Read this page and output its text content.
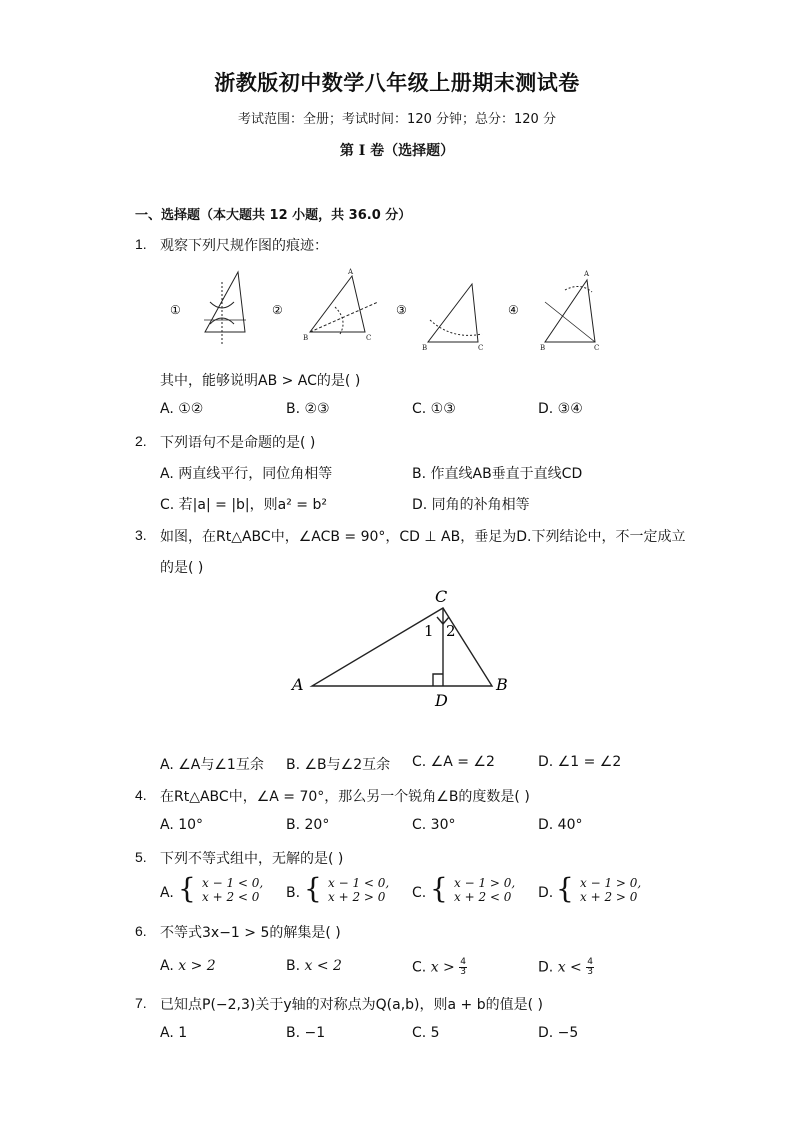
浙教版初中数学八年级上册期末测试卷
考试范围：全册；考试时间：120 分钟；总分：120 分
第 I 卷（选择题）
一、选择题（本大题共 12 小题，共 36.0 分）
1. 观察下列尺规作图的痕迹：
①	②
A
B	C
③
B	C
④
A
B	C
其中，能够说明AB > AC的是( )
A. ①②	B. ②③	C. ①③	D. ③④
2. 下列语句不是命题的是( )
A. 两直线平行，同位角相等	B. 作直线AB垂直于直线CD
C. 若|a| = |b|，则a² = b²	D. 同角的补角相等
3. 如图，在Rt△ABC中，∠ACB = 90°，CD ⊥ AB，垂足为D.下列结论中，不一定成立
的是( )
C
A	B
D
1 2
A. ∠A与∠1互余 B. ∠B与∠2互余 C. ∠A = ∠2	D. ∠1 = ∠2
4. 在Rt△ABC中，∠A = 70°，那么另一个锐角∠B的度数是( )
A. 10°	B. 20°	C. 30°	D. 40°
5. 下列不等式组中，无解的是( )
A. { x − 1 < 0,
x + 2 < 0 B. { x − 1 < 0,
x + 2 > 0 C. { x − 1 > 0,
x + 2 < 0 D. { x − 1 > 0,
x + 2 > 0
6. 不等式3x−1 > 5的解集是( )
A. x > 2	B. x < 2	C. $x > \frac{4}{3}$	D. $x < \frac{4}{3}$
7. 已知点P(−2,3)关于y轴的对称点为Q(a,b)，则a + b的值是( )
A. 1	B. −1	C. 5	D. −5
